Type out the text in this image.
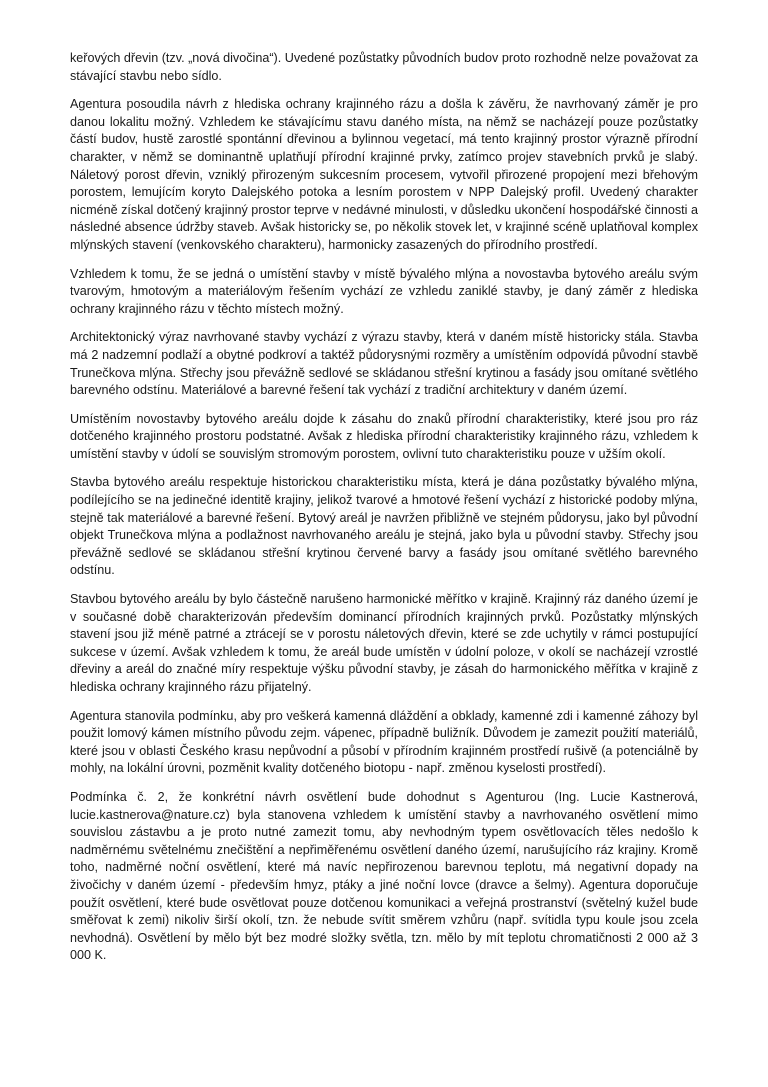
keřových dřevin (tzv. „nová divočina“). Uvedené pozůstatky původních budov proto rozhodně nelze považovat za stávající stavbu nebo sídlo.

Agentura posoudila návrh z hlediska ochrany krajinného rázu a došla k závěru, že navrhovaný záměr je pro danou lokalitu možný. Vzhledem ke stávajícímu stavu daného místa, na němž se nacházejí pouze pozůstatky částí budov, hustě zarostlé spontánní dřevinou a bylinnou vegetací, má tento krajinný prostor výrazně přírodní charakter, v němž se dominantně uplatňují přírodní krajinné prvky, zatímco projev stavebních prvků je slabý. Náletový porost dřevin, vzniklý přirozeným sukcesním procesem, vytvořil přirozené propojení mezi břehovým porostem, lemujícím koryto Dalejského potoka a lesním porostem v NPP Dalejský profil. Uvedený charakter nicméně získal dotčený krajinný prostor teprve v nedávné minulosti, v důsledku ukončení hospodářské činnosti a následné absence údržby staveb. Avšak historicky se, po několik stovek let, v krajinné scéně uplatňoval komplex mlýnských stavení (venkovského charakteru), harmonicky zasazených do přírodního prostředí.

Vzhledem k tomu, že se jedná o umístění stavby v místě bývalého mlýna a novostavba bytového areálu svým tvarovým, hmotovým a materiálovým řešením vychází ze vzhledu zaniklé stavby, je daný záměr z hlediska ochrany krajinného rázu v těchto místech možný.

Architektonický výraz navrhované stavby vychází z výrazu stavby, která v daném místě historicky stála. Stavba má 2 nadzemní podlaží a obytné podkroví a taktéž půdorysnými rozměry a umístěním odpovídá původní stavbě Trunečkova mlýna. Střechy jsou převážně sedlové se skládanou střešní krytinou a fasády jsou omítané světlého barevného odstínu. Materiálové a barevné řešení tak vychází z tradiční architektury v daném území.

Umístěním novostavby bytového areálu dojde k zásahu do znaků přírodní charakteristiky, které jsou pro ráz dotčeného krajinného prostoru podstatné. Avšak z hlediska přírodní charakteristiky krajinného rázu, vzhledem k umístění stavby v údolí se souvislým stromovým porostem, ovlivní tuto charakteristiku pouze v užším okolí.

Stavba bytového areálu respektuje historickou charakteristiku místa, která je dána pozůstatky bývalého mlýna, podílejícího se na jedinečné identitě krajiny, jelikož tvarové a hmotové řešení vychází z historické podoby mlýna, stejně tak materiálové a barevné řešení. Bytový areál je navržen přibližně ve stejném půdorysu, jako byl původní objekt Trunečkova mlýna a podlažnost navrhovaného areálu je stejná, jako byla u původní stavby. Střechy jsou převážně sedlové se skládanou střešní krytinou červené barvy a fasády jsou omítané světlého barevného odstínu.

Stavbou bytového areálu by bylo částečně narušeno harmonické měřítko v krajině. Krajinný ráz daného území je v současné době charakterizován především dominancí přírodních krajinných prvků. Pozůstatky mlýnských stavení jsou již méně patrné a ztrácejí se v porostu náletových dřevin, které se zde uchytily v rámci postupující sukcese v území. Avšak vzhledem k tomu, že areál bude umístěn v údolní poloze, v okolí se nacházejí vzrostlé dřeviny a areál do značné míry respektuje výšku původní stavby, je zásah do harmonického měřítka v krajině z hlediska ochrany krajinného rázu přijatelný.

Agentura stanovila podmínku, aby pro veškerá kamenná dláždění a obklady, kamenné zdi i kamenné záhozy byl použit lomový kámen místního původu zejm. vápenec, případně buližník. Důvodem je zamezit použití materiálů, které jsou v oblasti Českého krasu nepůvodní a působí v přírodním krajinném prostředí rušivě (a potenciálně by mohly, na lokální úrovni, pozměnit kvality dotčeného biotopu - např. změnou kyselosti prostředí).

Podmínka č. 2, že konkrétní návrh osvětlení bude dohodnut s Agenturou (Ing. Lucie Kastnerová, lucie.kastnerova@nature.cz) byla stanovena vzhledem k umístění stavby a navrhovaného osvětlení mimo souvislou zástavbu a je proto nutné zamezit tomu, aby nevhodným typem osvětlovacích těles nedošlo k nadměrnému světelnému znečištění a nepřiměřenému osvětlení daného území, narušujícího ráz krajiny. Kromě toho, nadměrné noční osvětlení, které má navíc nepřirozenou barevnou teplotu, má negativní dopady na živočichy v daném území - především hmyz, ptáky a jiné noční lovce (dravce a šelmy). Agentura doporučuje použít osvětlení, které bude osvětlovat pouze dotčenou komunikaci a veřejná prostranství (světelný kužel bude směřovat k zemi) nikoliv širší okolí, tzn. že nebude svítit směrem vzhůru (např. svítidla typu koule jsou zcela nevhodná). Osvětlení by mělo být bez modré složky světla, tzn. mělo by mít teplotu chromatičnosti 2 000 až 3 000 K.
